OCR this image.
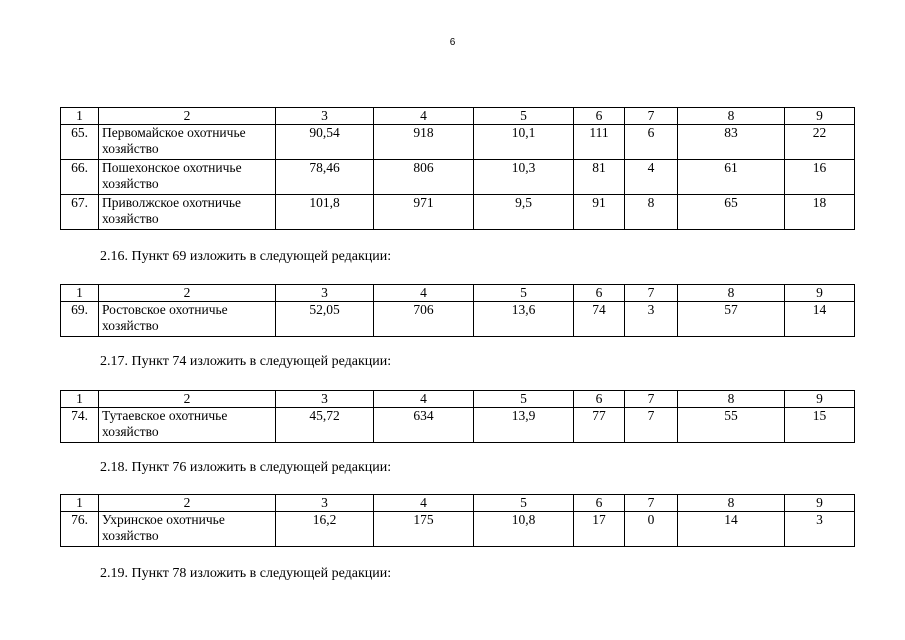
6
1	2	3	4	5	6	7	8	9
65.	Первомайское охотничье хозяйство	90,54	918	10,1	111	6	83	22
66.	Пошехонское охотничье хозяйство	78,46	806	10,3	81	4	61	16
67.	Приволжское охотничье хозяйство	101,8	971	9,5	91	8	65	18
2.16. Пункт 69 изложить в следующей редакции:
1	2	3	4	5	6	7	8	9
69.	Ростовское охотничье хозяйство	52,05	706	13,6	74	3	57	14
2.17. Пункт 74 изложить в следующей редакции:
1	2	3	4	5	6	7	8	9
74.	Тутаевское охотничье хозяйство	45,72	634	13,9	77	7	55	15
2.18. Пункт 76 изложить в следующей редакции:
1	2	3	4	5	6	7	8	9
76.	Ухринское охотничье хозяйство	16,2	175	10,8	17	0	14	3
2.19. Пункт 78 изложить в следующей редакции:
